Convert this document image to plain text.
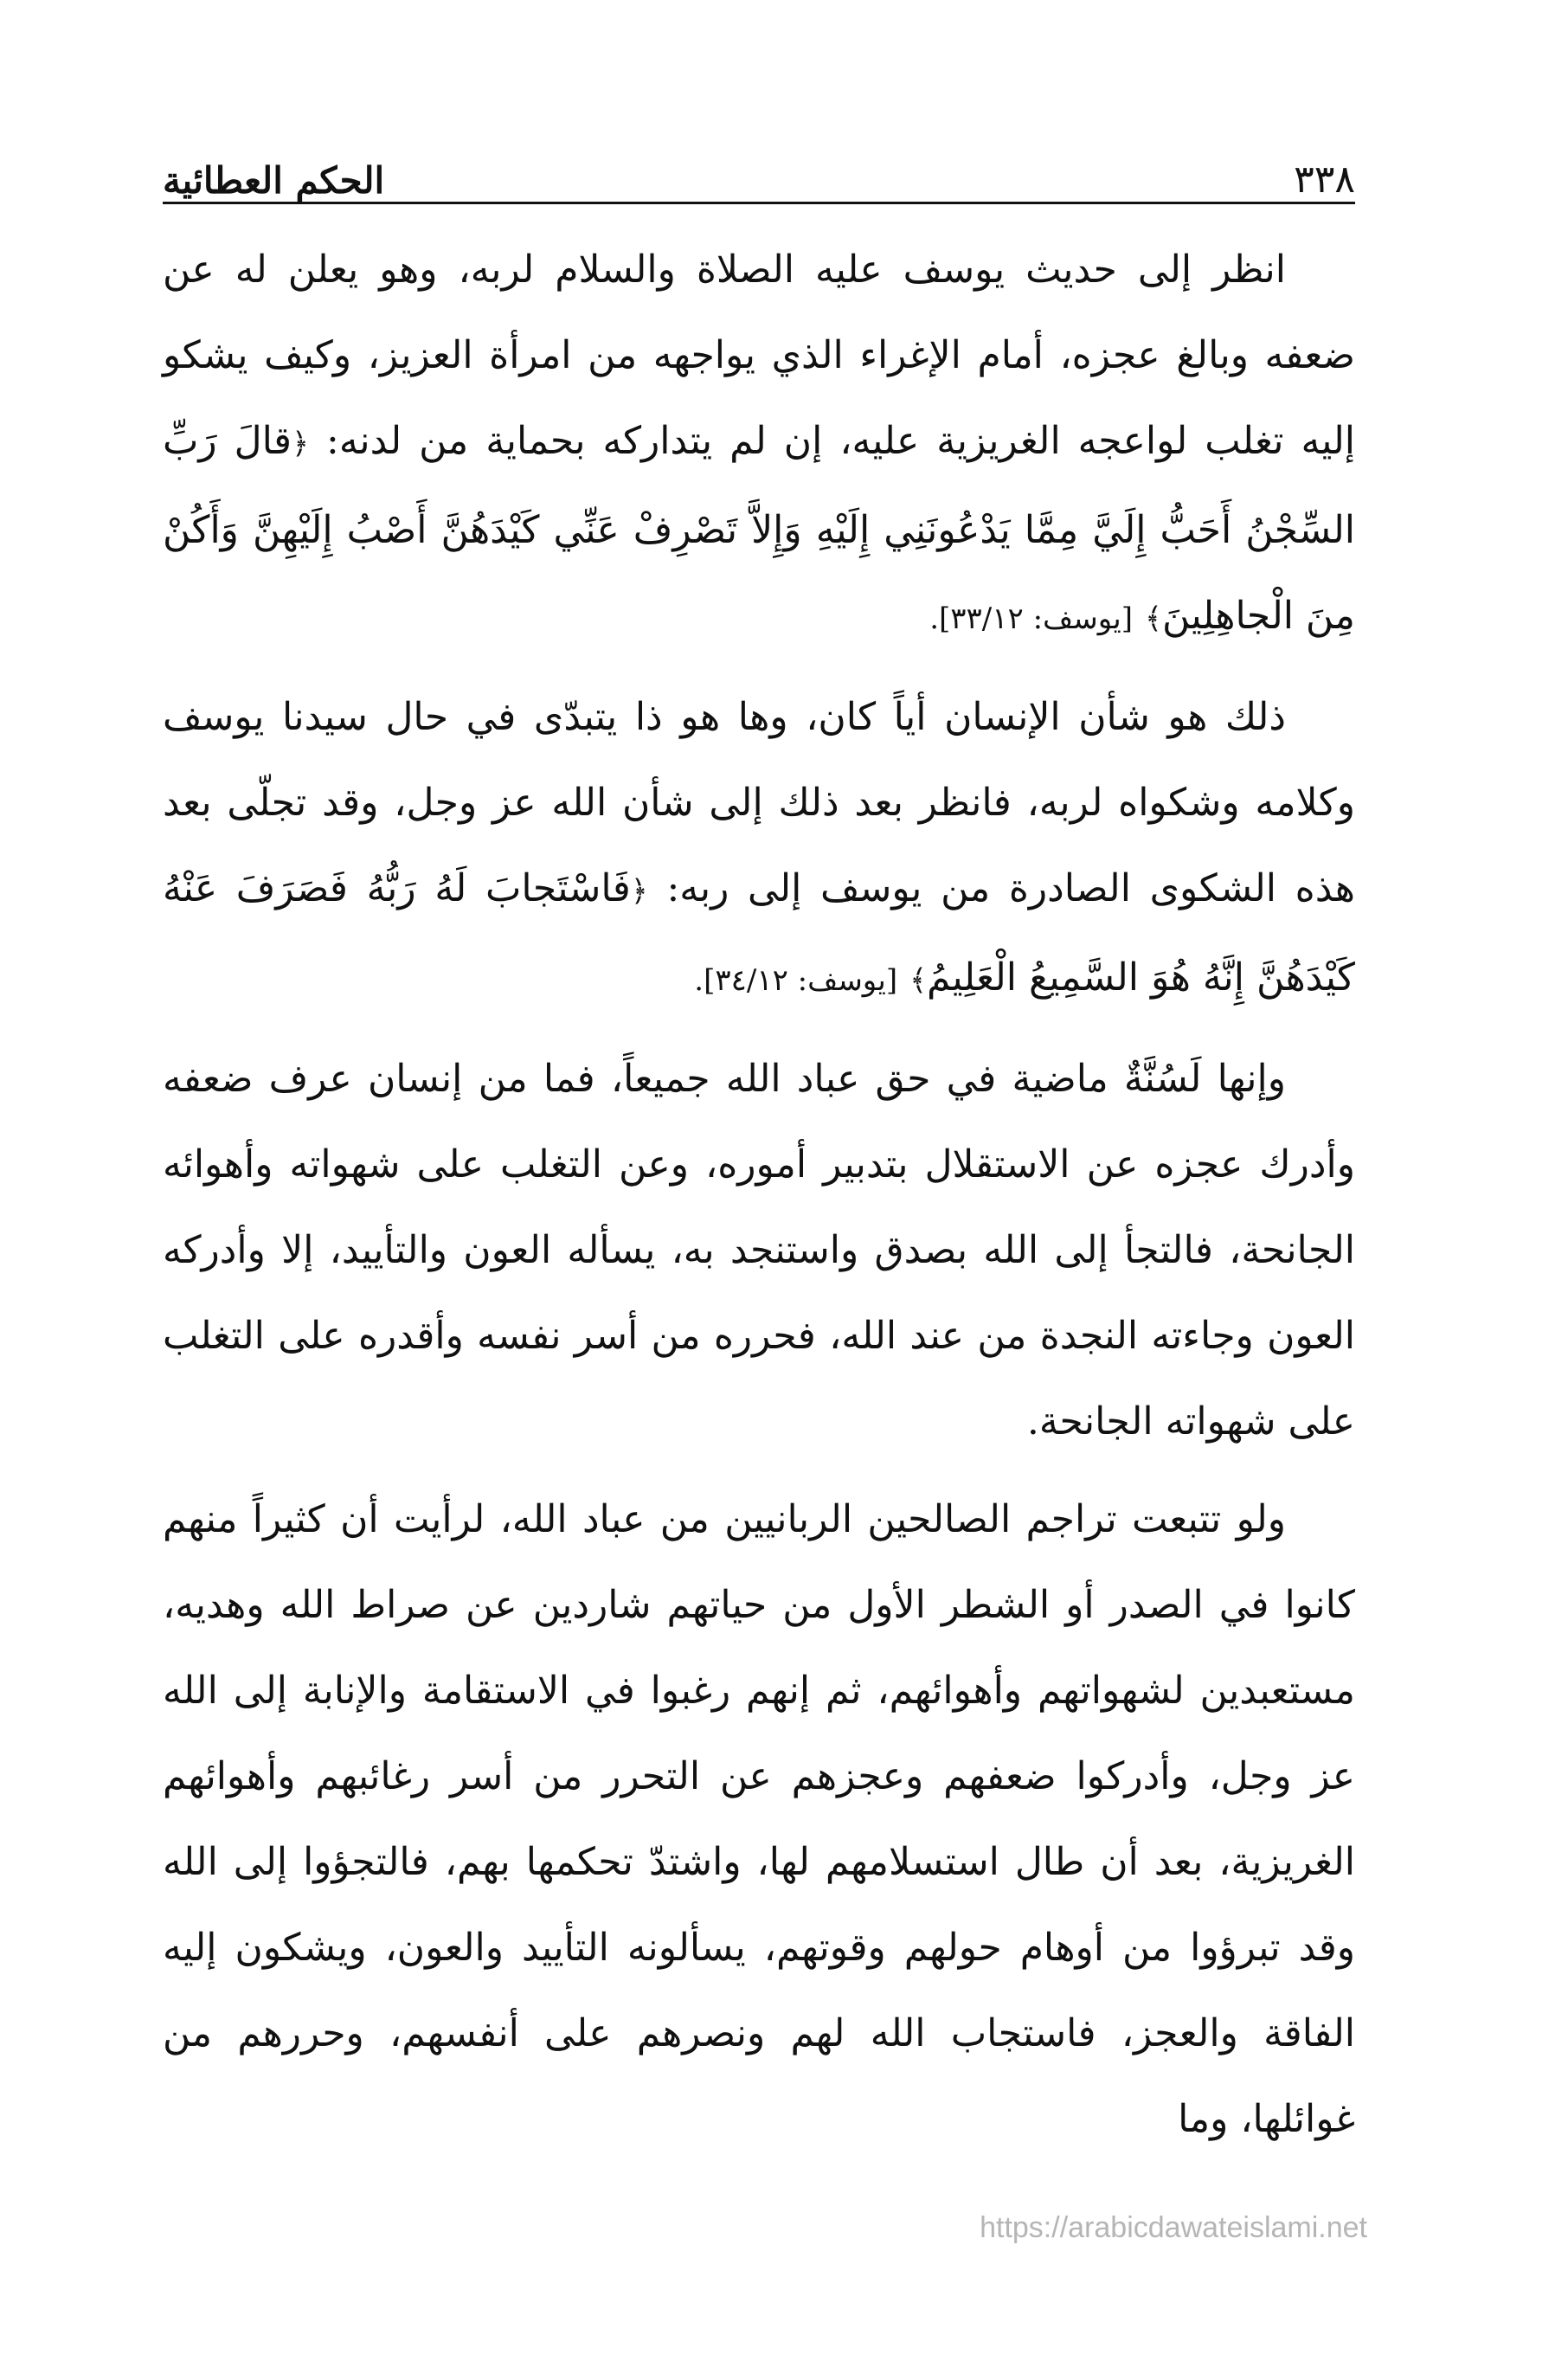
٣٣٨
الحكم العطائية

انظر إلى حديث يوسف عليه الصلاة والسلام لربه، وهو يعلن له عن ضعفه وبالغ عجزه، أمام الإغراء الذي يواجهه من امرأة العزيز، وكيف يشكو إليه تغلب لواعجه الغريزية عليه، إن لم يتداركه بحماية من لدنه: ﴿قالَ رَبِّ السِّجْنُ أَحَبُّ إِلَيَّ مِمَّا يَدْعُونَنِي إِلَيْهِ وَإِلاَّ تَصْرِفْ عَنِّي كَيْدَهُنَّ أَصْبُ إِلَيْهِنَّ وَأَكُنْ مِنَ الْجاهِلِينَ﴾ [يوسف: ٣٣/١٢].

ذلك هو شأن الإنسان أياً كان، وها هو ذا يتبدّى في حال سيدنا يوسف وكلامه وشكواه لربه، فانظر بعد ذلك إلى شأن الله عز وجل، وقد تجلّى بعد هذه الشكوى الصادرة من يوسف إلى ربه: ﴿فَاسْتَجابَ لَهُ رَبُّهُ فَصَرَفَ عَنْهُ كَيْدَهُنَّ إِنَّهُ هُوَ السَّمِيعُ الْعَلِيمُ﴾ [يوسف: ٣٤/١٢].

وإنها لَسُنَّةٌ ماضية في حق عباد الله جميعاً، فما من إنسان عرف ضعفه وأدرك عجزه عن الاستقلال بتدبير أموره، وعن التغلب على شهواته وأهوائه الجانحة، فالتجأ إلى الله بصدق واستنجد به، يسأله العون والتأييد، إلا وأدركه العون وجاءته النجدة من عند الله، فحرره من أسر نفسه وأقدره على التغلب على شهواته الجانحة.

ولو تتبعت تراجم الصالحين الربانيين من عباد الله، لرأيت أن كثيراً منهم كانوا في الصدر أو الشطر الأول من حياتهم شاردين عن صراط الله وهديه، مستعبدين لشهواتهم وأهوائهم، ثم إنهم رغبوا في الاستقامة والإنابة إلى الله عز وجل، وأدركوا ضعفهم وعجزهم عن التحرر من أسر رغائبهم وأهوائهم الغريزية، بعد أن طال استسلامهم لها، واشتدّ تحكمها بهم، فالتجؤوا إلى الله وقد تبرؤوا من أوهام حولهم وقوتهم، يسألونه التأييد والعون، ويشكون إليه الفاقة والعجز، فاستجاب الله لهم ونصرهم على أنفسهم، وحررهم من غوائلها، وما

https://arabicdawateislami.net
